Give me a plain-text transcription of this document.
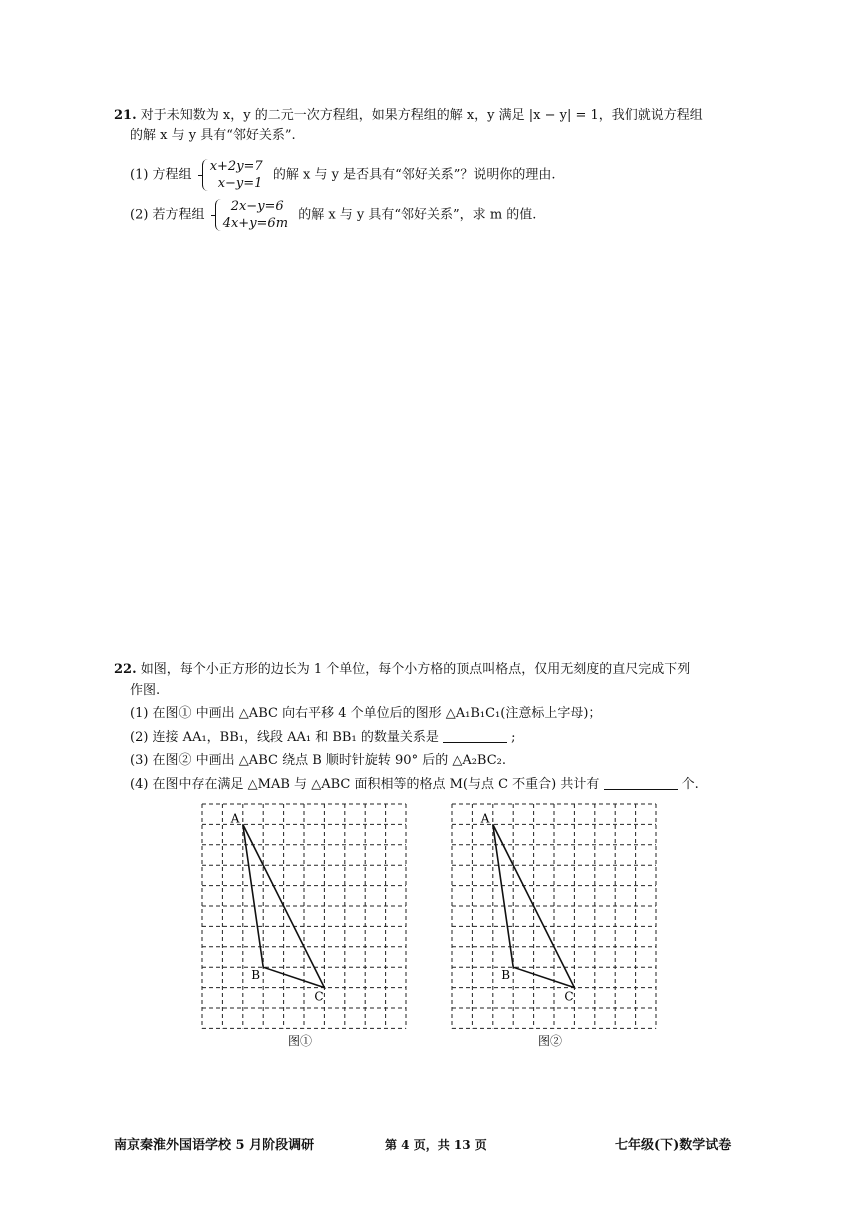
21. 对于未知数为 x，y 的二元一次方程组，如果方程组的解 x，y 满足 |x − y| = 1，我们就说方程组
的解 x 与 y 具有“邻好关系”.
(1) 方程组
x+2y=7
x−y=1
的解 x 与 y 是否具有“邻好关系”？说明你的理由.
(2) 若方程组
2x−y=6
4x+y=6m
的解 x 与 y 具有“邻好关系”，求 m 的值.
22. 如图，每个小正方形的边长为 1 个单位，每个小方格的顶点叫格点，仅用无刻度的直尺完成下列
作图.
(1) 在图① 中画出 △ABC 向右平移 4 个单位后的图形 △A₁B₁C₁(注意标上字母)；
(2) 连接 AA₁，BB₁，线段 AA₁ 和 BB₁ 的数量关系是	;
(3) 在图② 中画出 △ABC 绕点 B 顺时针旋转 90° 后的 △A₂BC₂.
(4) 在图中存在满足 △MAB 与 △ABC 面积相等的格点 M(与点 C 不重合) 共计有	个.
A
B
C
图①
A
B
C
图②
南京秦淮外国语学校 5 月阶段调研	第 4 页，共 13 页	七年级(下)数学试卷
